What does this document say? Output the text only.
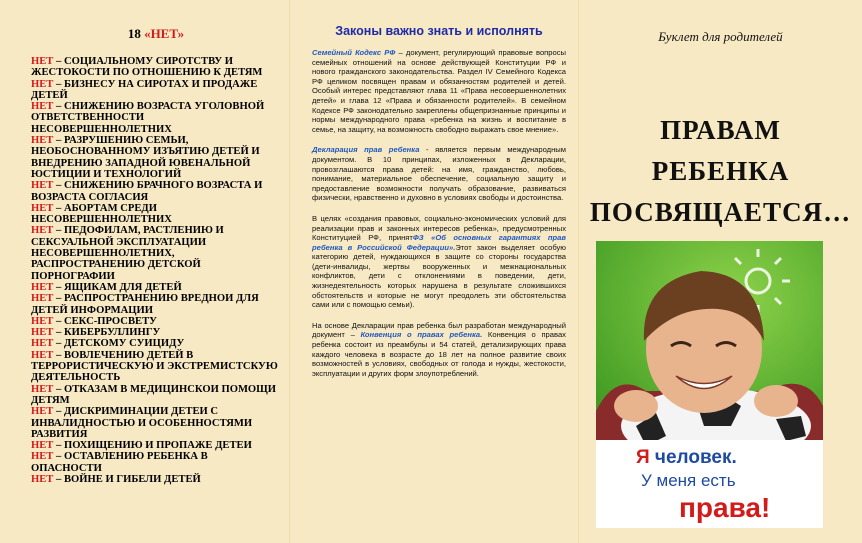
18 «НЕТ»
НЕТ – СОЦИАЛЬНОМУ СИРОТСТВУ И ЖЕСТОКОСТИ ПО ОТНОШЕНИЮ К ДЕТЯМ
НЕТ – БИЗНЕСУ НА СИРОТАХ И ПРОДАЖЕ ДЕТЕЙ
НЕТ – СНИЖЕНИЮ ВОЗРАСТА УГОЛОВНОЙ ОТВЕТСТВЕННОСТИ НЕСОВЕРШЕННОЛЕТНИХ
НЕТ – РАЗРУШЕНИЮ СЕМЬИ, НЕОБОСНОВАННОМУ ИЗЪЯТИЮ ДЕТЕЙ И ВНЕДРЕНИЮ ЗАПАДНОЙ ЮВЕНАЛЬНОЙ ЮСТИЦИИ И ТЕХНОЛОГИЙ
НЕТ – СНИЖЕНИЮ БРАЧНОГО ВОЗРАСТА И ВОЗРАСТА СОГЛАСИЯ
НЕТ – АБОРТАМ СРЕДИ НЕСОВЕРШЕННОЛЕТНИХ
НЕТ – ПЕДОФИЛАМ, РАСТЛЕНИЮ И СЕКСУАЛЬНОЙ ЭКСПЛУАТАЦИИ НЕСОВЕРШЕННОЛЕТНИХ, РАСПРОСТРАНЕНИЮ ДЕТСКОЙ ПОРНОГРАФИИ
НЕТ – ЯЩИКАМ ДЛЯ ДЕТЕЙ
НЕТ – РАСПРОСТРАНЕНИЮ ВРЕДНОИ ДЛЯ ДЕТЕЙ ИНФОРМАЦИИ
НЕТ – СЕКС-ПРОСВЕТУ
НЕТ – КИБЕРБУЛЛИНГУ
НЕТ – ДЕТСКОМУ СУИЦИДУ
НЕТ – ВОВЛЕЧЕНИЮ ДЕТЕЙ В ТЕРРОРИСТИЧЕСКУЮ И ЭКСТРЕМИСТСКУЮ ДЕЯТЕЛЬНОСТЬ
НЕТ – ОТКАЗАМ В МЕДИЦИНСКОИ ПОМОЩИ ДЕТЯМ
НЕТ – ДИСКРИМИНАЦИИ ДЕТЕИ С ИНВАЛИДНОСТЬЮ И ОСОБЕННОСТЯМИ РАЗВИТИЯ
НЕТ – ПОХИЩЕНИЮ И ПРОПАЖЕ ДЕТЕИ
НЕТ – ОСТАВЛЕНИЮ РЕБЕНКА В ОПАСНОСТИ
НЕТ – ВОЙНЕ И ГИБЕЛИ ДЕТЕЙ
Законы важно знать и исполнять

Семейный Кодекс РФ – документ, регулирующий правовые вопросы семейных отношений на основе действующей Конституции РФ и нового гражданского законодательства. Раздел IV Семейного Кодекса РФ целиком посвящен правам и обязанностям родителей и детей. Особый интерес представляют глава 11 «Права несовершеннолетних детей» и глава 12 «Права и обязанности родителей». В семейном Кодексе РФ законодательно закреплены общепризнанные принципы и нормы международного права «ребенка на жизнь и воспитание в семье, на защиту, на возможность свободно выражать свое мнение».

Декларация прав ребенка - является первым международным документом. В 10 принципах, изложенных в Декларации, провозглашаются права детей: на имя, гражданство, любовь, понимание, материальное обеспечение, социальную защиту и предоставление возможности получать образование, развиваться физически, нравственно и духовно в условиях свободы и достоинства.

В целях «создания правовых, социально-экономических условий для реализации прав и законных интересов ребенка», предусмотренных Конституцией РФ, принятФЗ «Об основных гарантиях прав ребенка в Российской Федерации».Этот закон выделяет особую категорию детей, нуждающихся в защите со стороны государства (дети-инвалиды, жертвы вооруженных и межнациональных конфликтов, дети с отклонениями в поведении, дети, жизнедеятельность которых нарушена в результате сложившихся обстоятельств и которые не могут преодолеть эти обстоятельства сами или с помощью семьи).

На основе Декларации прав ребенка был разработан международный документ – Конвенция о правах ребенка. Конвенция о правах ребенка состоит из преамбулы и 54 статей, детализирующих права каждого человека в возрасте до 18 лет на полное развитие своих возможностей в условиях, свободных от голода и нужды, жестокости, эксплуатации и других форм злоупотреблений.

Буклет для родителей
ПРАВАМ
РЕБЕНКА
ПОСВЯЩАЕТСЯ…
Я человек.
У меня есть
права!
